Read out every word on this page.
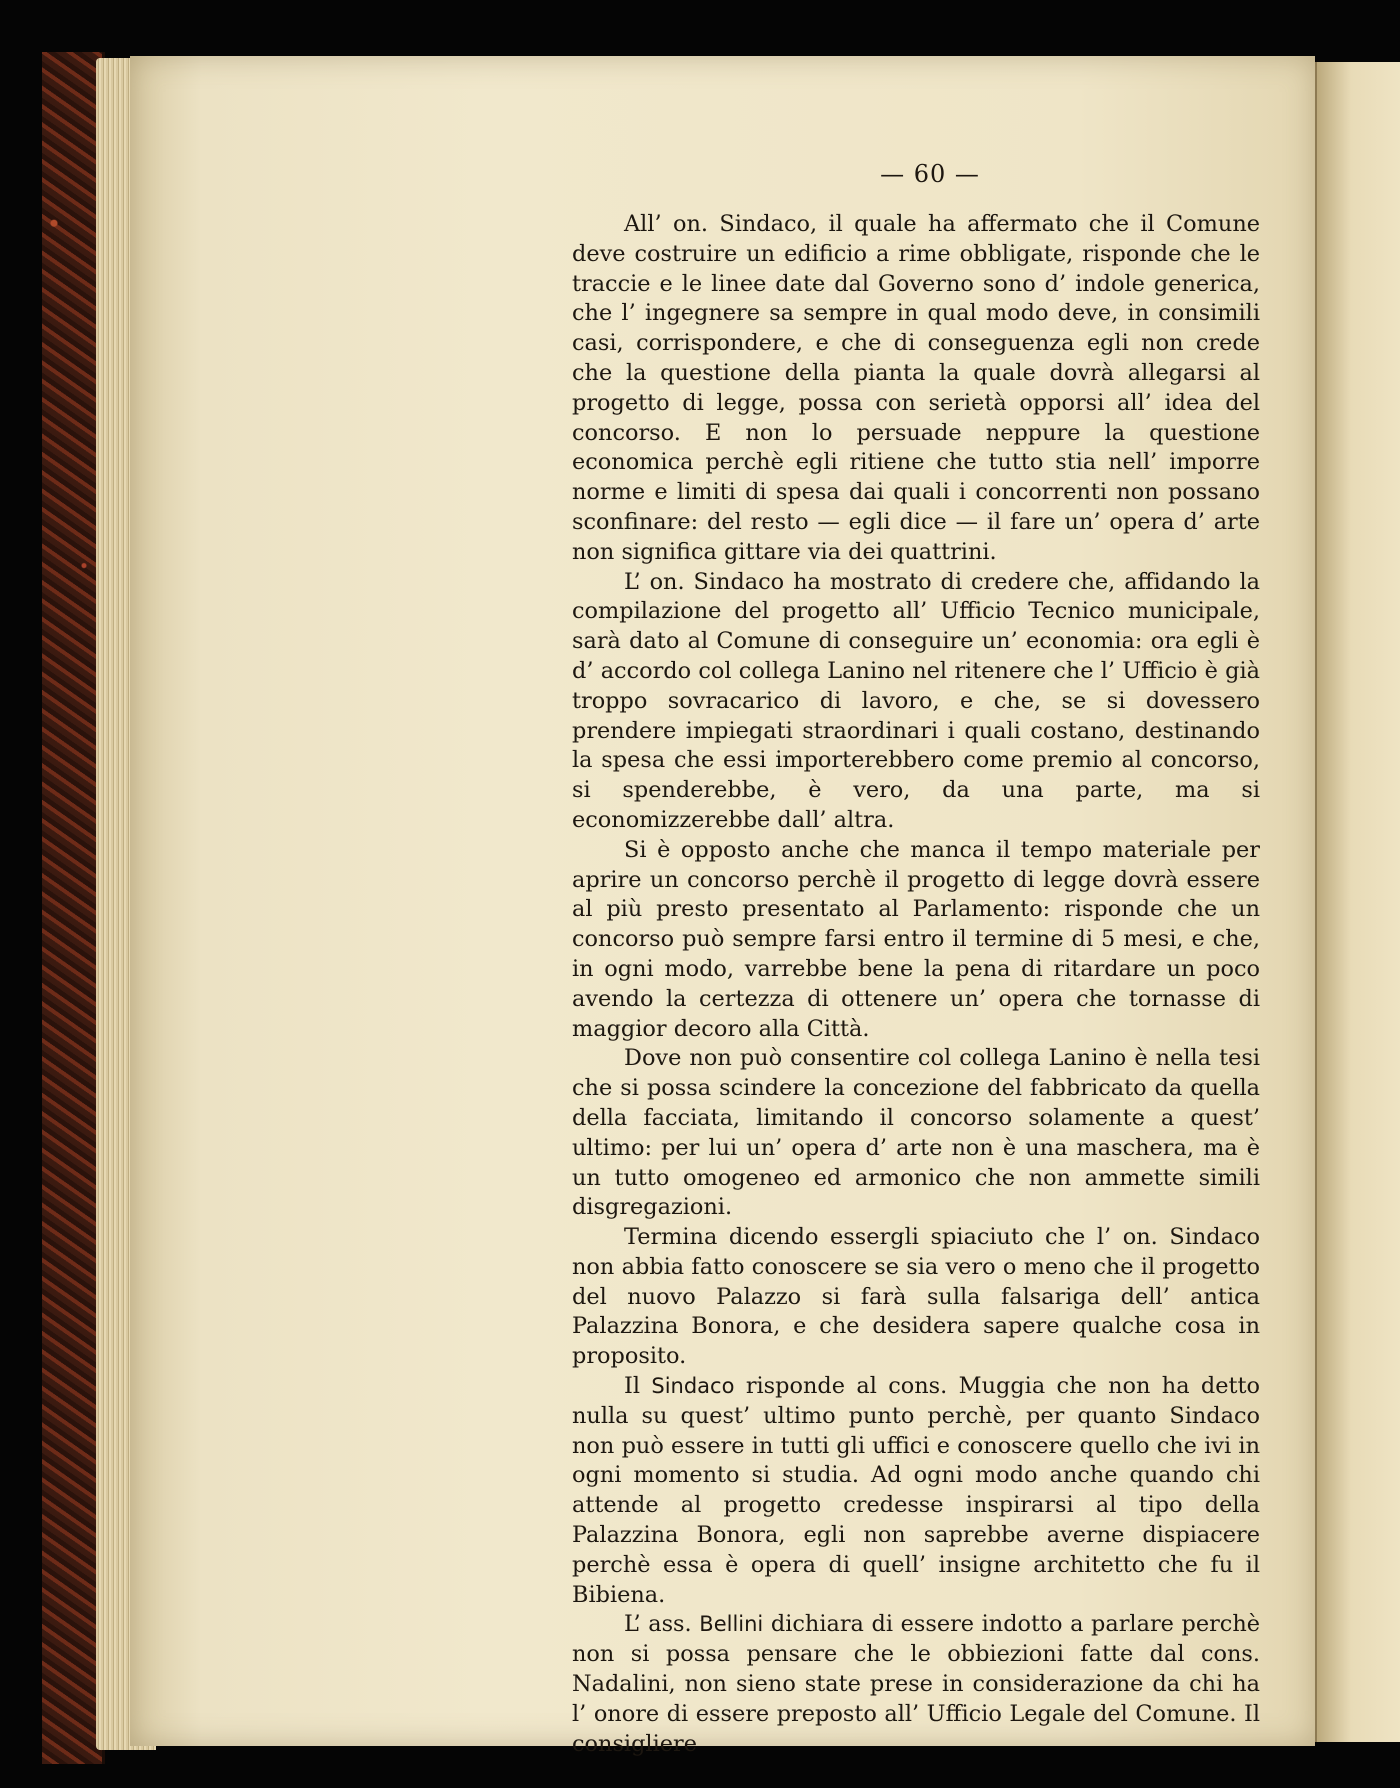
— 60 —

All’ on. Sindaco, il quale ha affermato che il Comune deve costruire un edificio a rime obbligate, risponde che le traccie e le linee date dal Governo sono d’ indole generica, che l’ ingegnere sa sempre in qual modo deve, in consimili casi, corrispondere, e che di conseguenza egli non crede che la questione della pianta la quale dovrà allegarsi al progetto di legge, possa con serietà opporsi all’ idea del concorso. E non lo persuade neppure la questione economica perchè egli ritiene che tutto stia nell’ imporre norme e limiti di spesa dai quali i concorrenti non possano sconfinare: del resto — egli dice — il fare un’ opera d’ arte non significa gittare via dei quattrini.

L’ on. Sindaco ha mostrato di credere che, affidando la compilazione del progetto all’ Ufficio Tecnico municipale, sarà dato al Comune di conseguire un’ economia: ora egli è d’ accordo col collega Lanino nel ritenere che l’ Ufficio è già troppo sovracarico di lavoro, e che, se si dovessero prendere impiegati straordinari i quali costano, destinando la spesa che essi importerebbero come premio al concorso, si spenderebbe, è vero, da una parte, ma si economizzerebbe dall’ altra.

Si è opposto anche che manca il tempo materiale per aprire un concorso perchè il progetto di legge dovrà essere al più presto presentato al Parlamento: risponde che un concorso può sempre farsi entro il termine di 5 mesi, e che, in ogni modo, varrebbe bene la pena di ritardare un poco avendo la certezza di ottenere un’ opera che tornasse di maggior decoro alla Città.

Dove non può consentire col collega Lanino è nella tesi che si possa scindere la concezione del fabbricato da quella della facciata, limitando il concorso solamente a quest’ ultimo: per lui un’ opera d’ arte non è una maschera, ma è un tutto omogeneo ed armonico che non ammette simili disgregazioni.

Termina dicendo essergli spiaciuto che l’ on. Sindaco non abbia fatto conoscere se sia vero o meno che il progetto del nuovo Palazzo si farà sulla falsariga dell’ antica Palazzina Bonora, e che desidera sapere qualche cosa in proposito.

Il Sindaco risponde al cons. Muggia che non ha detto nulla su quest’ ultimo punto perchè, per quanto Sindaco non può essere in tutti gli uffici e conoscere quello che ivi in ogni momento si studia. Ad ogni modo anche quando chi attende al progetto credesse inspirarsi al tipo della Palazzina Bonora, egli non saprebbe averne dispiacere perchè essa è opera di quell’ insigne architetto che fu il Bibiena.

L’ ass. Bellini dichiara di essere indotto a parlare perchè non si possa pensare che le obbiezioni fatte dal cons. Nadalini, non sieno state prese in considerazione da chi ha l’ onore di essere preposto all’ Ufficio Legale del Comune. Il consigliere
